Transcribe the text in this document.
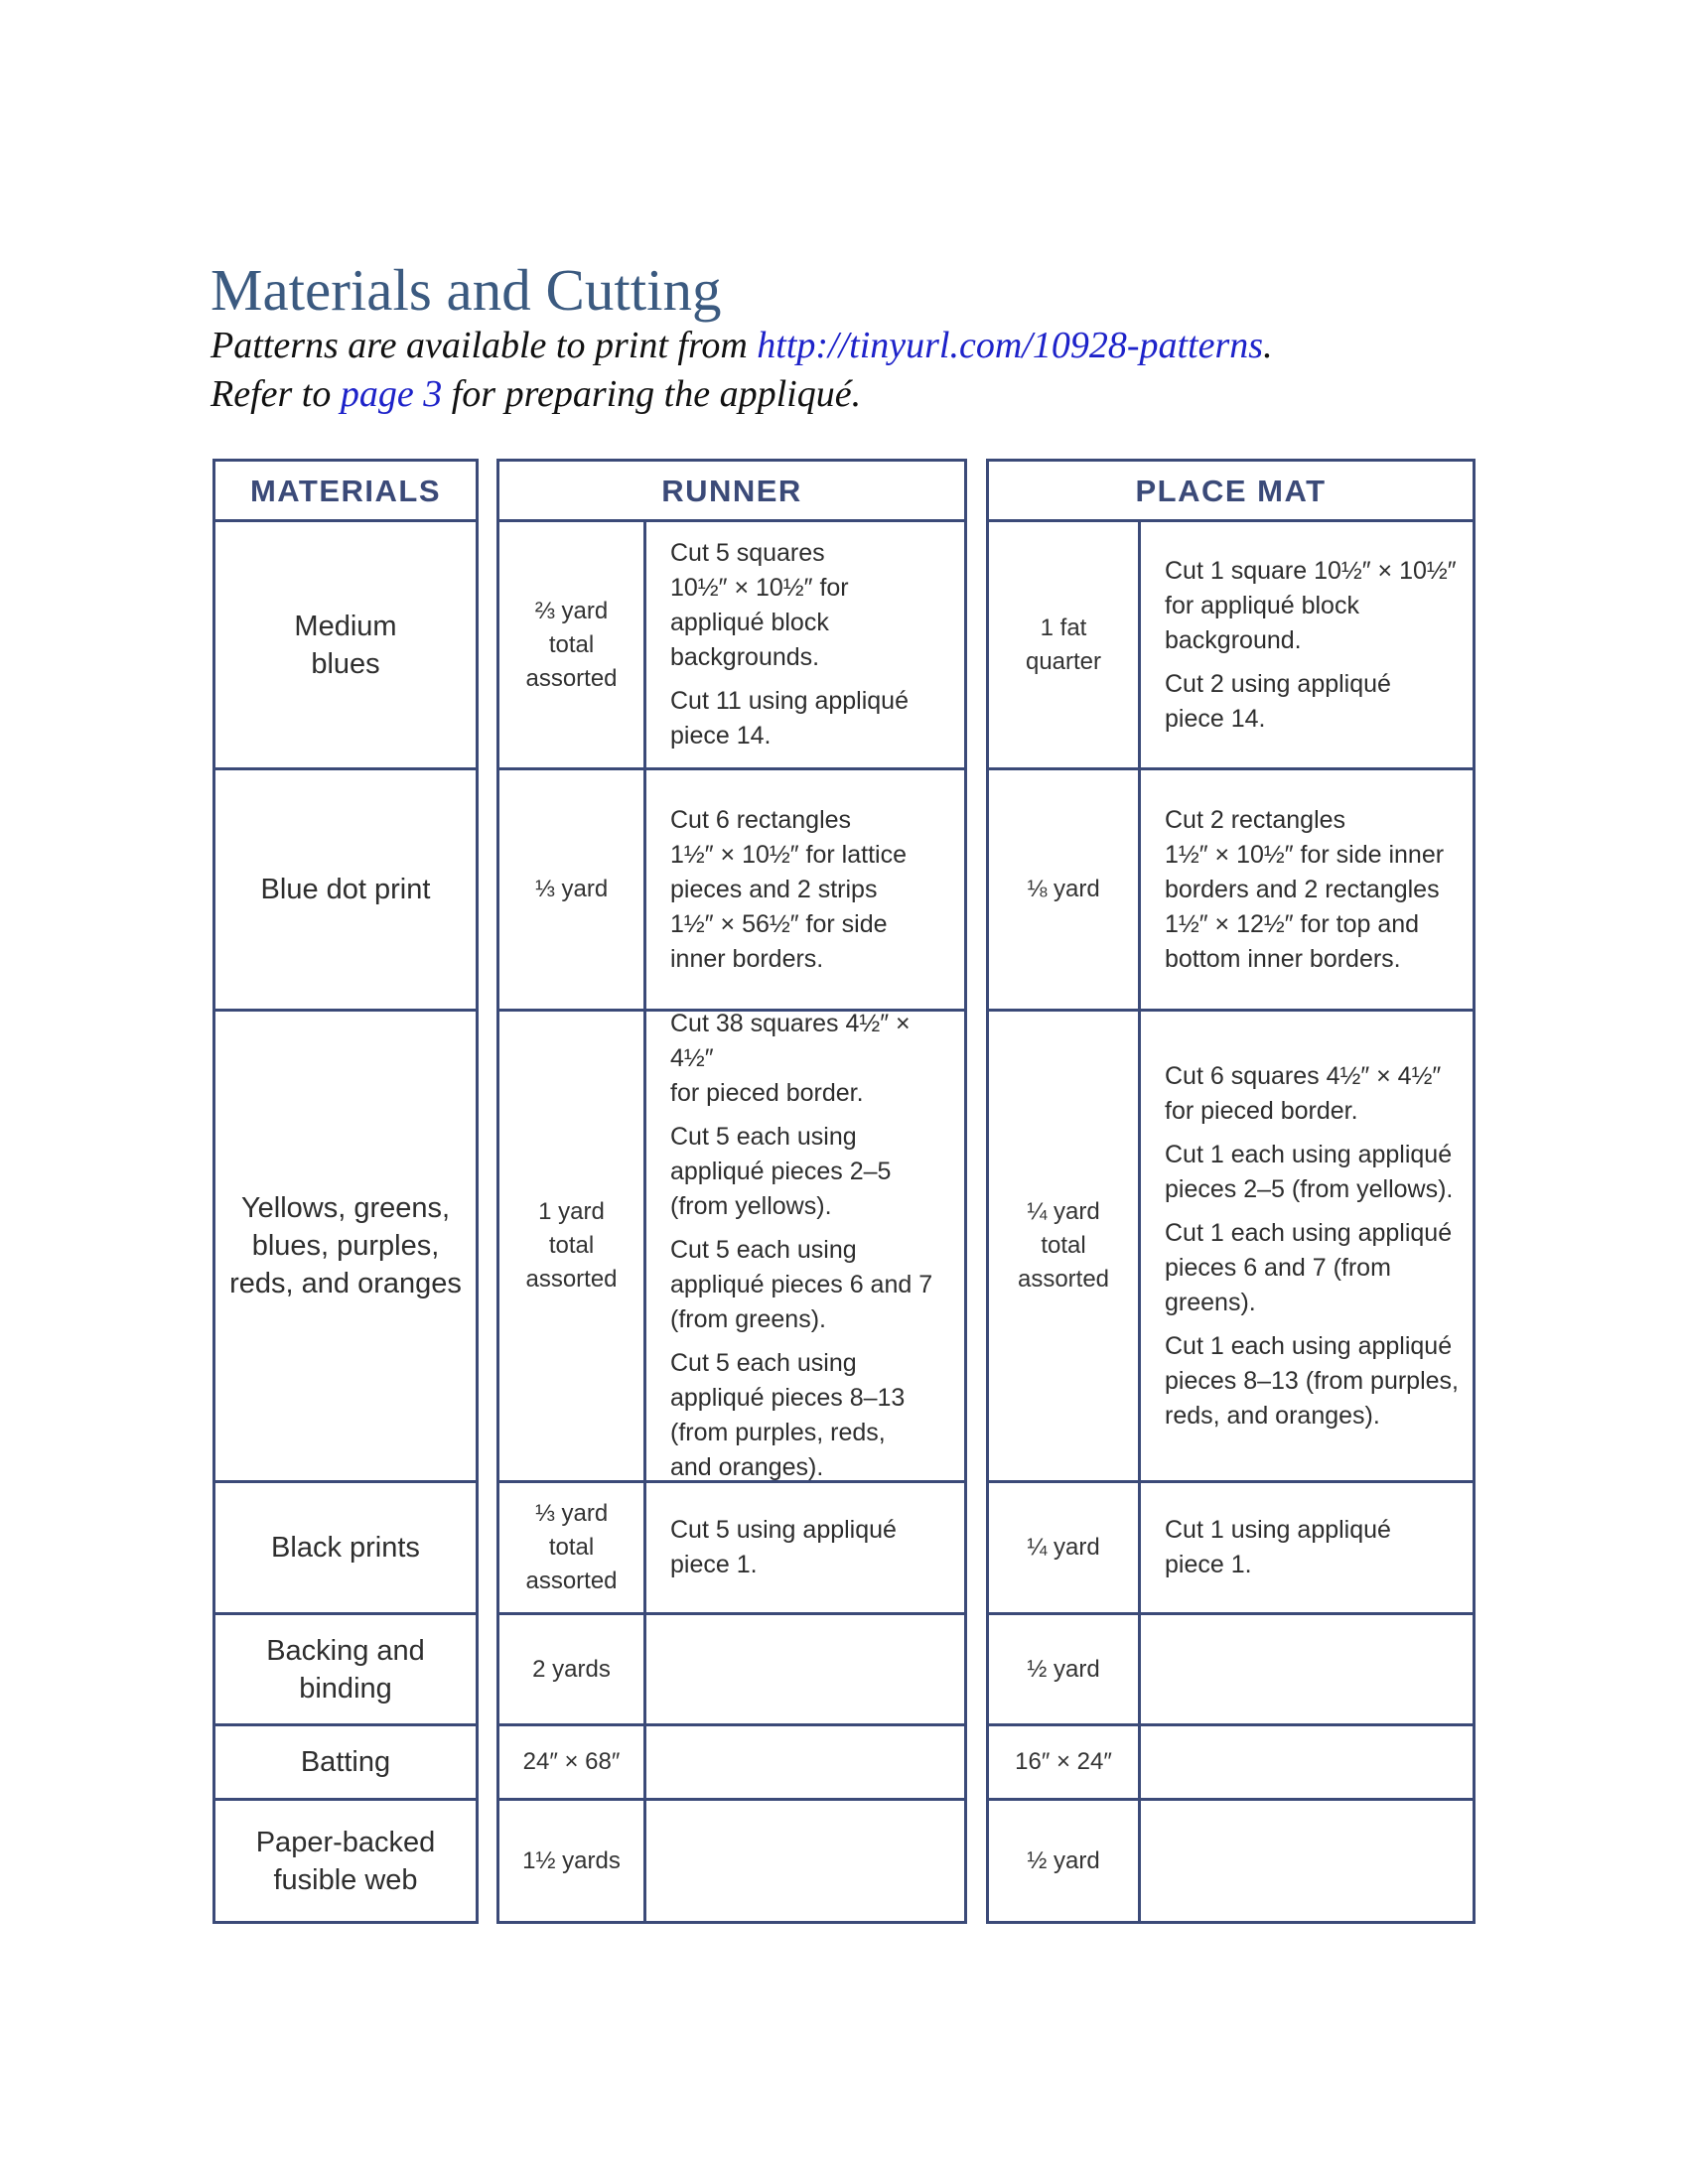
Materials and Cutting
Patterns are available to print from http://tinyurl.com/10928-patterns.
Refer to page 3 for preparing the appliqué.
MATERIALS
Medium
blues
Blue dot print
Yellows, greens,
blues, purples,
reds, and oranges
Black prints
Backing and
binding
Batting
Paper-backed
fusible web
RUNNER
⅔ yard
total
assorted

Cut 5 squares
10½″ × 10½″ for
appliqué block
backgrounds.

Cut 11 using appliqué
piece 14.

⅓ yard

Cut 6 rectangles
1½″ × 10½″ for lattice
pieces and 2 strips
1½″ × 56½″ for side
inner borders.

1 yard
total
assorted

Cut 38 squares 4½″ × 4½″
for pieced border.

Cut 5 each using
appliqué pieces 2–5
(from yellows).

Cut 5 each using
appliqué pieces 6 and 7
(from greens).

Cut 5 each using
appliqué pieces 8–13
(from purples, reds,
and oranges).

⅓ yard
total
assorted

Cut 5 using appliqué
piece 1.

2 yards
24″ × 68″
1½ yards
PLACE MAT
1 fat
quarter

Cut 1 square 10½″ × 10½″
for appliqué block
background.

Cut 2 using appliqué
piece 14.

⅛ yard

Cut 2 rectangles
1½″ × 10½″ for side inner
borders and 2 rectangles
1½″ × 12½″ for top and
bottom inner borders.

¼ yard
total
assorted

Cut 6 squares 4½″ × 4½″
for pieced border.

Cut 1 each using appliqué
pieces 2–5 (from yellows).

Cut 1 each using appliqué
pieces 6 and 7 (from
greens).

Cut 1 each using appliqué
pieces 8–13 (from purples,
reds, and oranges).

¼ yard

Cut 1 using appliqué
piece 1.

½ yard
16″ × 24″
½ yard
